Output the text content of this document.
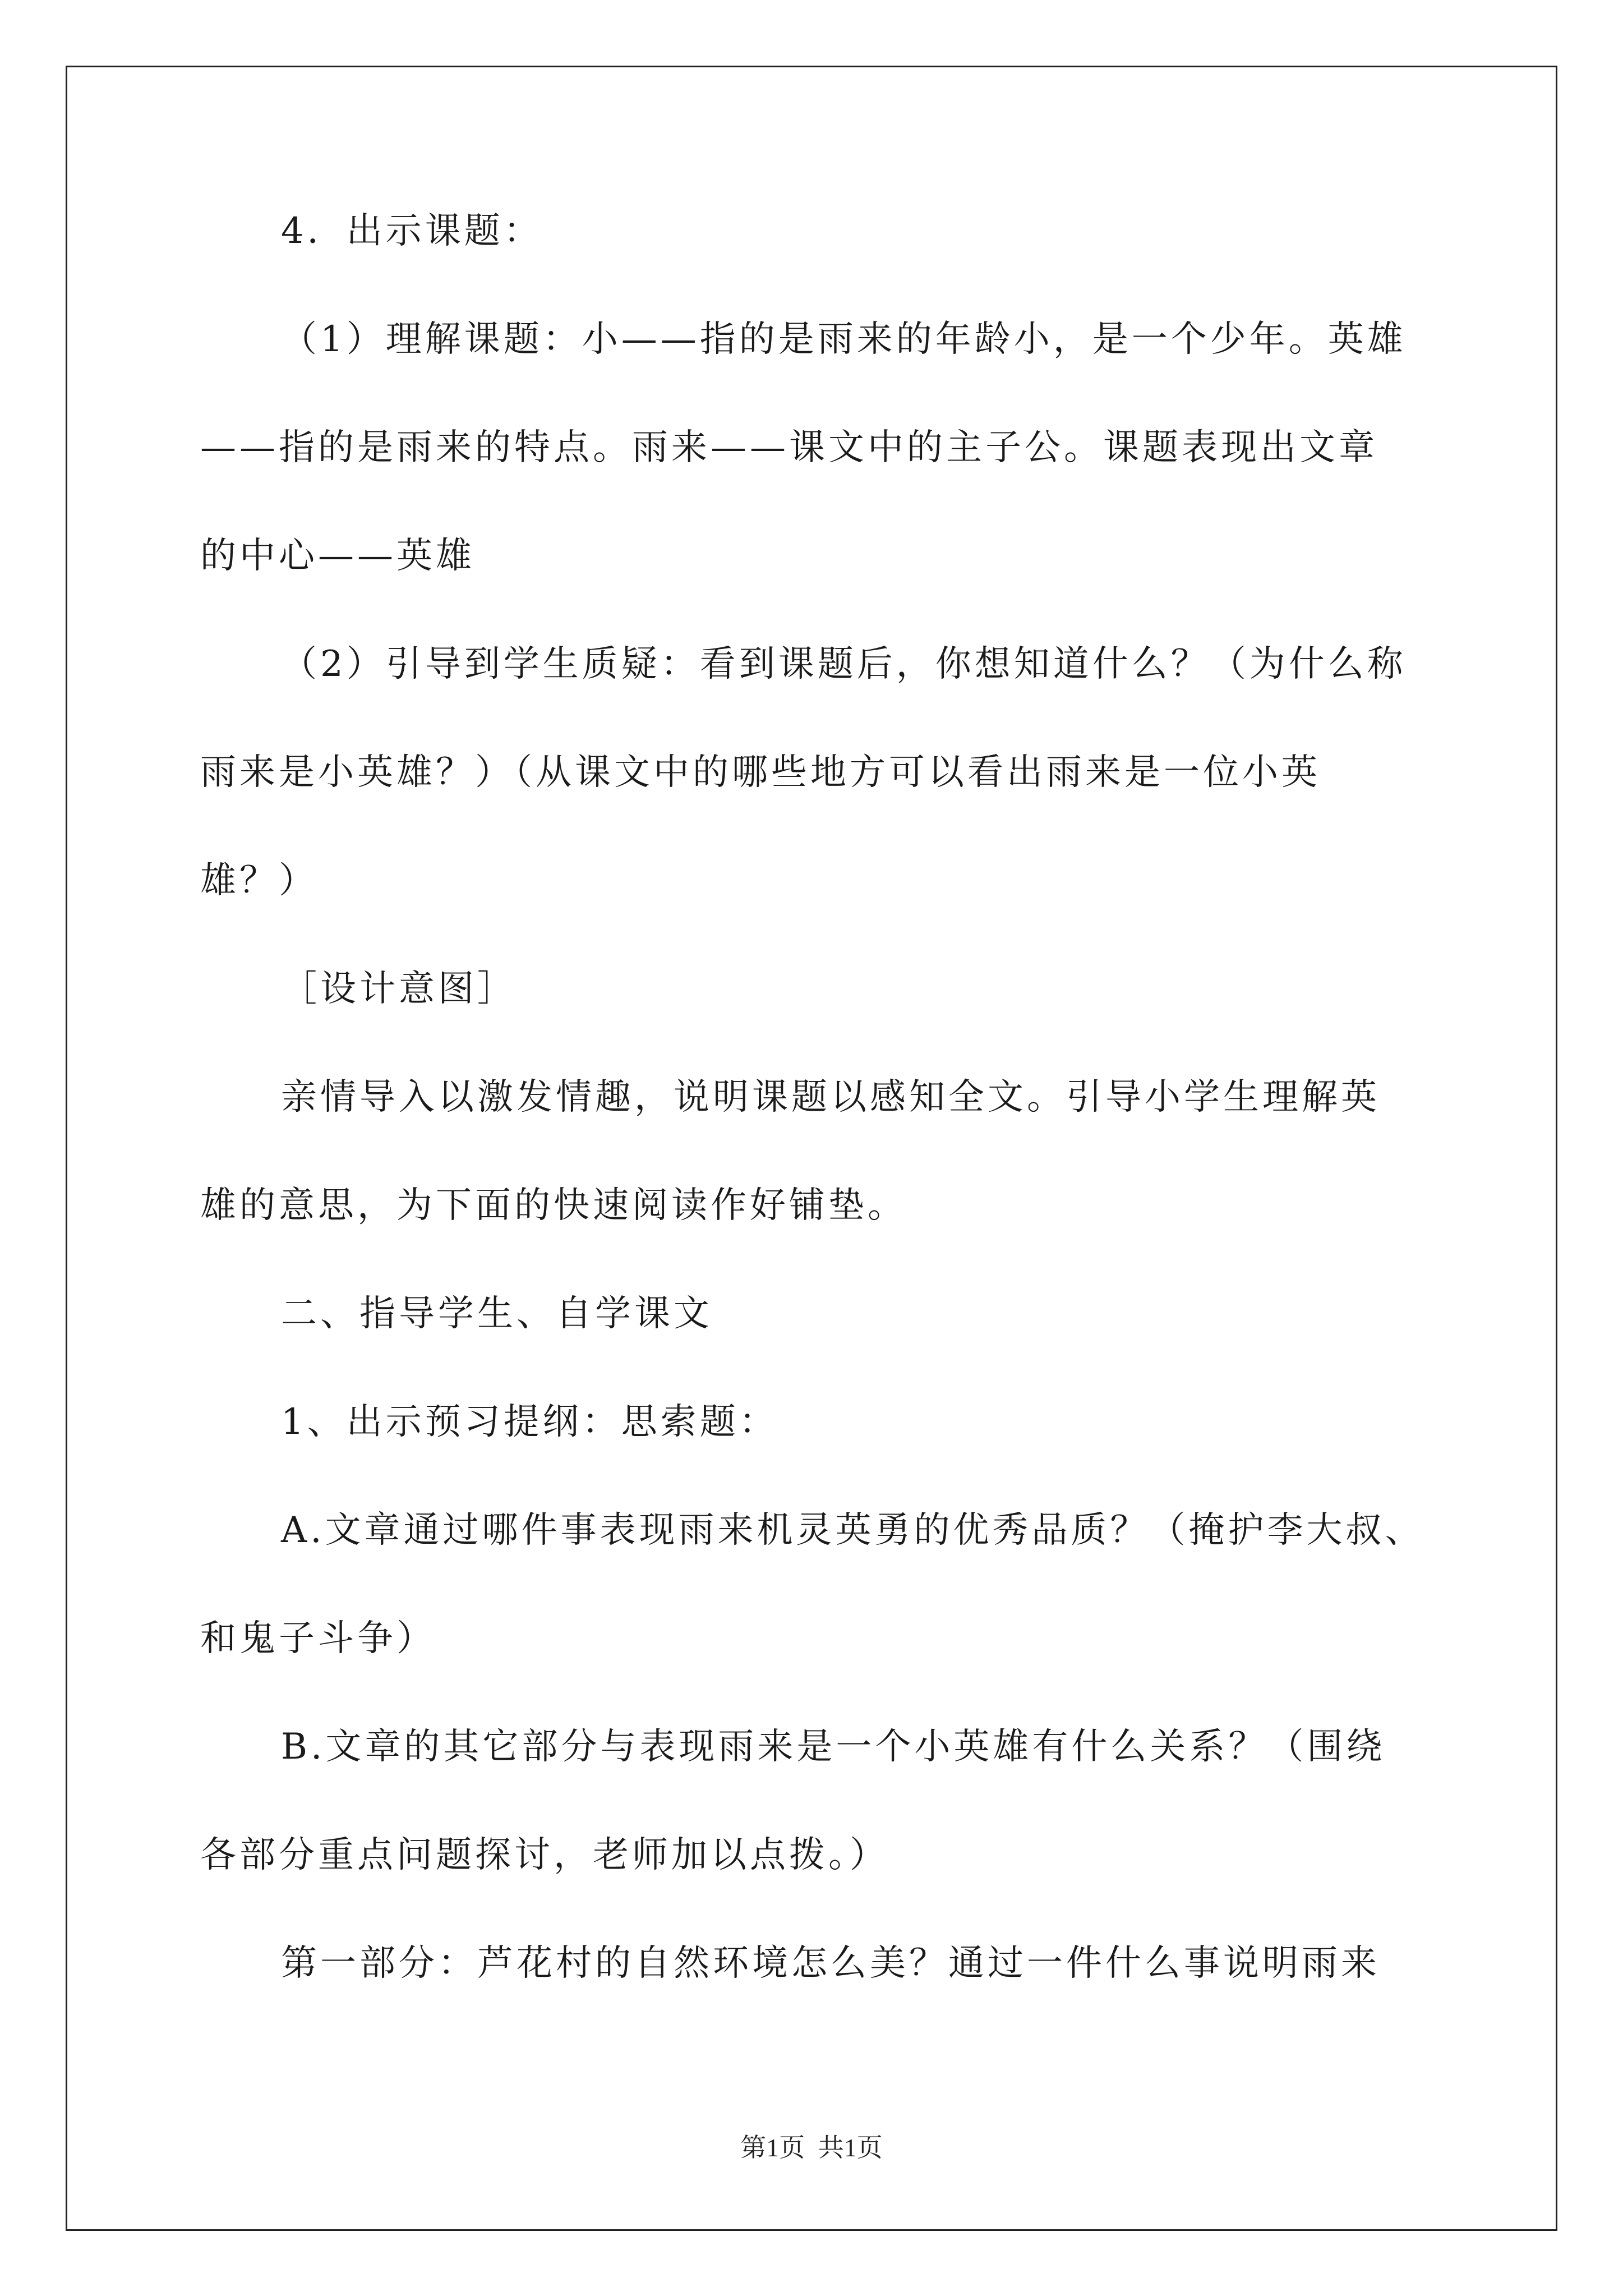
4．出示课题：
（1）理解课题：小——指的是雨来的年龄小，是一个少年。英雄
——指的是雨来的特点。雨来——课文中的主子公。课题表现出文章
的中心——英雄
（2）引导到学生质疑：看到课题后，你想知道什么？（为什么称
雨来是小英雄？）（从课文中的哪些地方可以看出雨来是一位小英
雄？）
［设计意图］
亲情导入以激发情趣，说明课题以感知全文。引导小学生理解英
雄的意思，为下面的快速阅读作好铺垫。
二、指导学生、自学课文
1、出示预习提纲：思索题：
A.文章通过哪件事表现雨来机灵英勇的优秀品质？（掩护李大叔、
和鬼子斗争）
B.文章的其它部分与表现雨来是一个小英雄有什么关系？（围绕
各部分重点问题探讨，老师加以点拨。）
第一部分：芦花村的自然环境怎么美？通过一件什么事说明雨来
第1页 共1页
